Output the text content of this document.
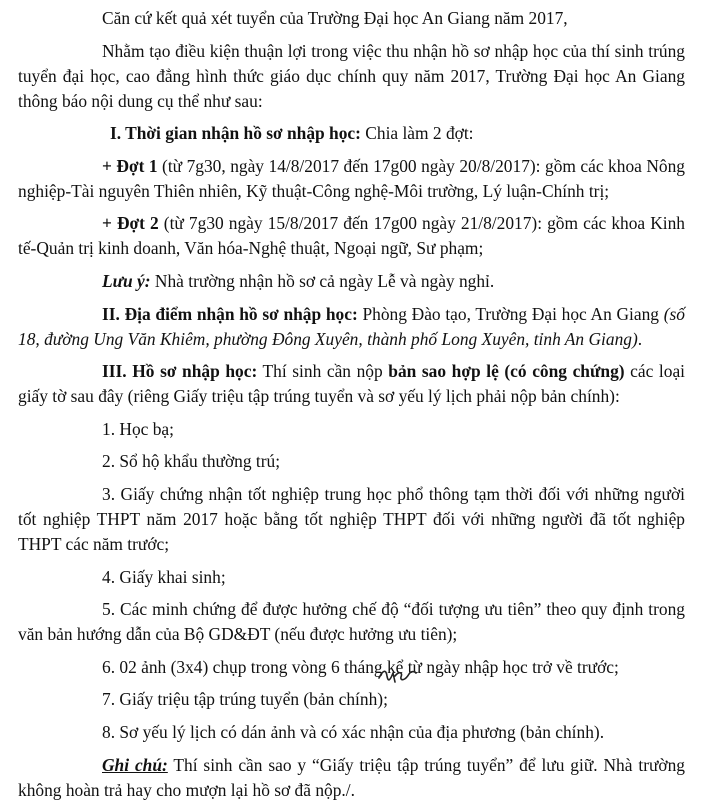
Căn cứ kết quả xét tuyển của Trường Đại học An Giang năm 2017,

Nhằm tạo điều kiện thuận lợi trong việc thu nhận hồ sơ nhập học của thí sinh trúng tuyển đại học, cao đẳng hình thức giáo dục chính quy năm 2017, Trường Đại học An Giang thông báo nội dung cụ thể như sau:

I. Thời gian nhận hồ sơ nhập học: Chia làm 2 đợt:

+ Đợt 1 (từ 7g30, ngày 14/8/2017 đến 17g00 ngày 20/8/2017): gồm các khoa Nông nghiệp-Tài nguyên Thiên nhiên, Kỹ thuật-Công nghệ-Môi trường, Lý luận-Chính trị;

+ Đợt 2 (từ 7g30 ngày 15/8/2017 đến 17g00 ngày 21/8/2017): gồm các khoa Kinh tế-Quản trị kinh doanh, Văn hóa-Nghệ thuật, Ngoại ngữ, Sư phạm;

Lưu ý: Nhà trường nhận hồ sơ cả ngày Lễ và ngày nghỉ.

II. Địa điểm nhận hồ sơ nhập học: Phòng Đào tạo, Trường Đại học An Giang (số 18, đường Ung Văn Khiêm, phường Đông Xuyên, thành phố Long Xuyên, tỉnh An Giang).

III. Hồ sơ nhập học: Thí sinh cần nộp bản sao hợp lệ (có công chứng) các loại giấy tờ sau đây (riêng Giấy triệu tập trúng tuyển và sơ yếu lý lịch phải nộp bản chính):

1. Học bạ;

2. Sổ hộ khẩu thường trú;

3. Giấy chứng nhận tốt nghiệp trung học phổ thông tạm thời đối với những người tốt nghiệp THPT năm 2017 hoặc bằng tốt nghiệp THPT đối với những người đã tốt nghiệp THPT các năm trước;

4. Giấy khai sinh;

5. Các minh chứng để được hưởng chế độ “đối tượng ưu tiên” theo quy định trong văn bản hướng dẫn của Bộ GD&ĐT (nếu được hưởng ưu tiên);

6. 02 ảnh (3x4) chụp trong vòng 6 tháng kể từ ngày nhập học trở về trước;

7. Giấy triệu tập trúng tuyển (bản chính);

8. Sơ yếu lý lịch có dán ảnh và có xác nhận của địa phương (bản chính).

Ghi chú: Thí sinh cần sao y “Giấy triệu tập trúng tuyển” để lưu giữ. Nhà trường không hoàn trả hay cho mượn lại hồ sơ đã nộp./.
